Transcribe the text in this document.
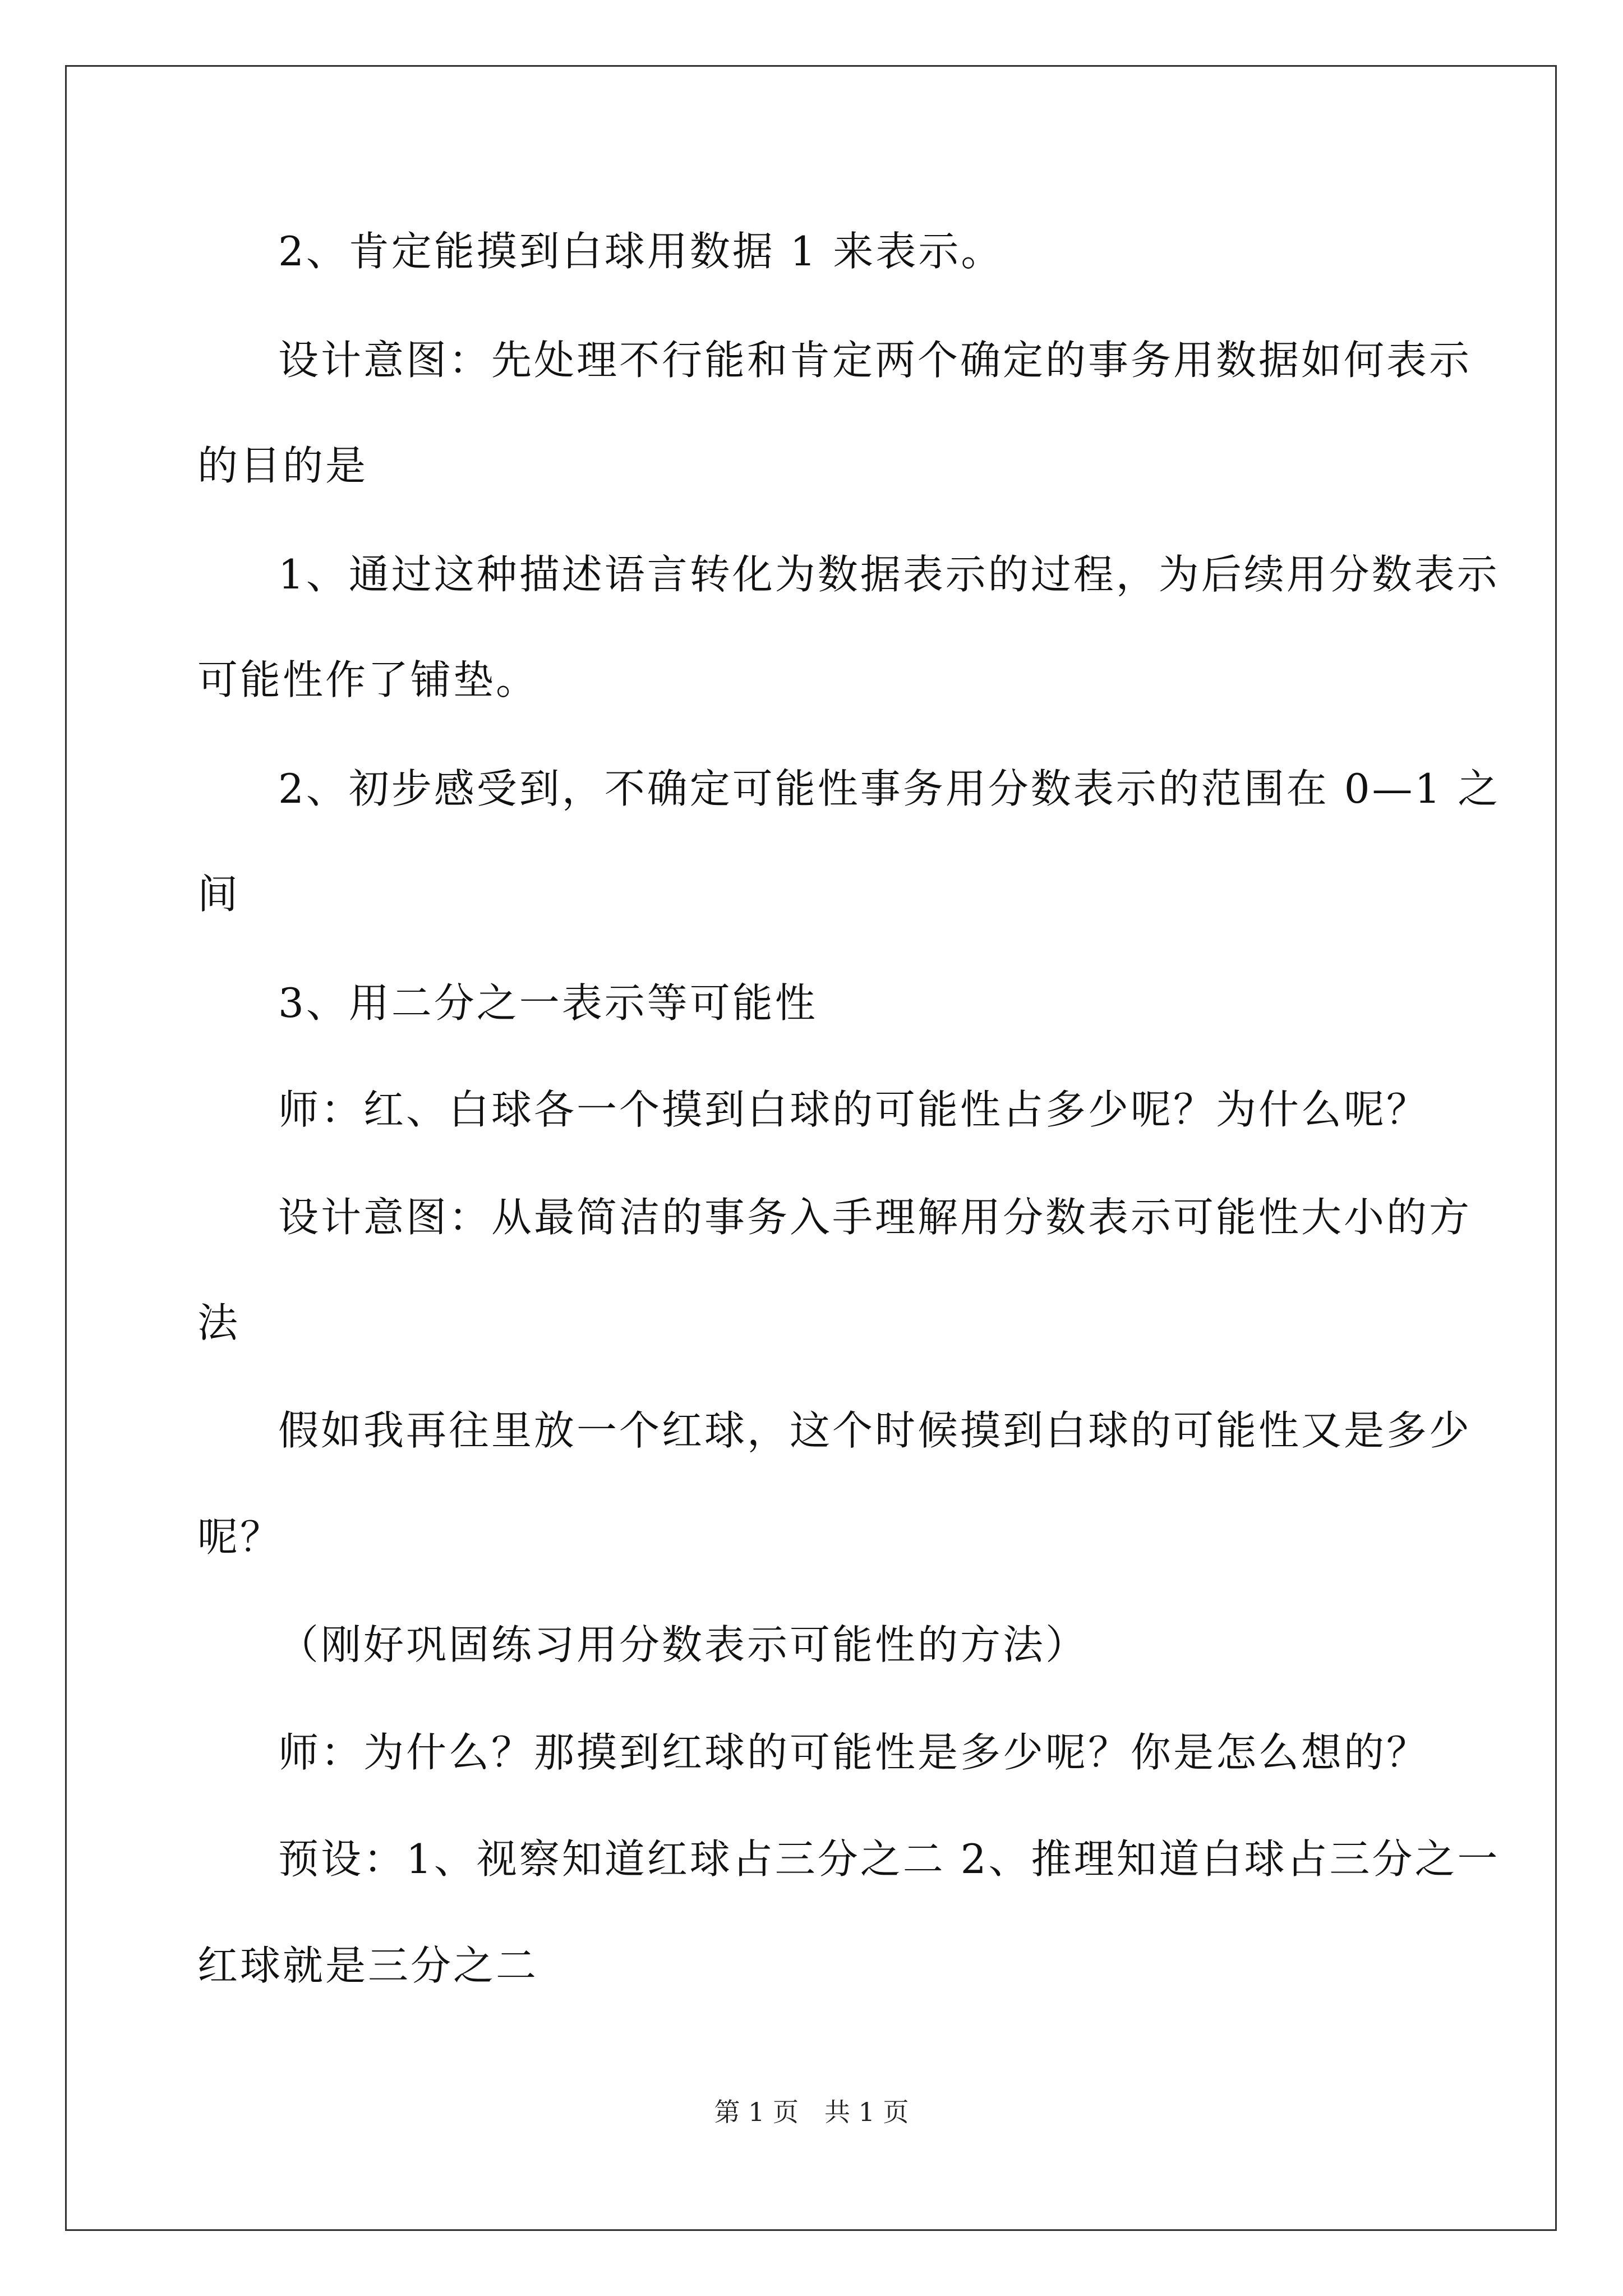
2、肯定能摸到白球用数据 1 来表示。
设计意图：先处理不行能和肯定两个确定的事务用数据如何表示
的目的是
1、通过这种描述语言转化为数据表示的过程，为后续用分数表示
可能性作了铺垫。
2、初步感受到，不确定可能性事务用分数表示的范围在 0—1 之
间
3、用二分之一表示等可能性
师：红、白球各一个摸到白球的可能性占多少呢？为什么呢？
设计意图：从最简洁的事务入手理解用分数表示可能性大小的方
法
假如我再往里放一个红球，这个时候摸到白球的可能性又是多少
呢？
（刚好巩固练习用分数表示可能性的方法）
师：为什么？那摸到红球的可能性是多少呢？你是怎么想的？
预设：1、视察知道红球占三分之二 2、推理知道白球占三分之一
红球就是三分之二
第 1 页　共 1 页
